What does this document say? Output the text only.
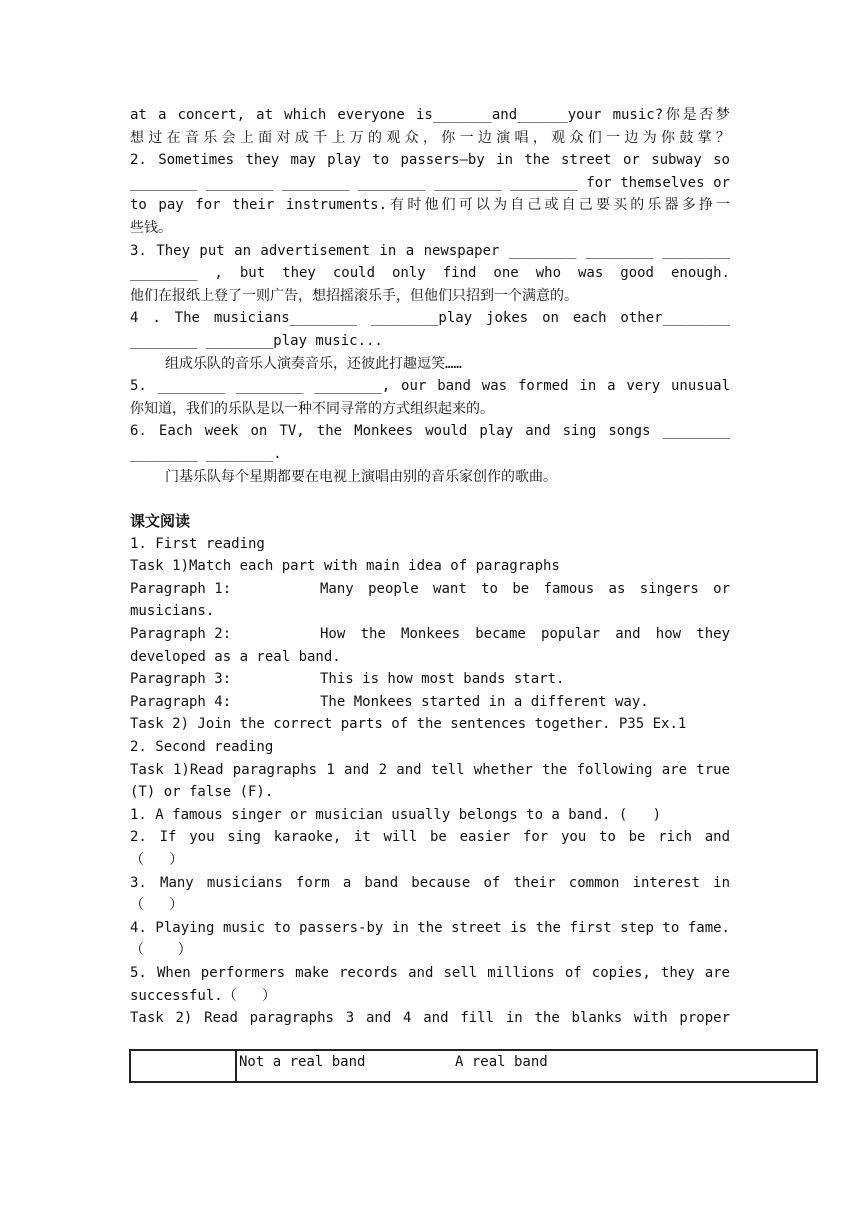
at a concert, at which everyone is_______and______your music?你是否梦
想过在音乐会上面对成千上万的观众，你一边演唱，观众们一边为你鼓掌？
2. Sometimes they may play to passers—by in the street or subway so
________ ________ ________ ________ ________ ________ for themselves or
to pay for their instruments.有时他们可以为自己或自己要买的乐器多挣一
些钱。
3. They put an advertisement in a newspaper ________ ________ ________
________ , but they could only find one who was good enough.
他们在报纸上登了一则广告，想招摇滚乐手，但他们只招到一个满意的。
4 . The musicians________ ________play jokes on each other________
________ ________play music...
组成乐队的音乐人演奏音乐，还彼此打趣逗笑……
5. ________ ________ ________, our band was formed in a very unusual
你知道，我们的乐队是以一种不同寻常的方式组织起来的。
6. Each week on TV, the Monkees would play and sing songs ________
________ ________.
门基乐队每个星期都要在电视上演唱由别的音乐家创作的歌曲。
课文阅读
1. First reading
Task 1)Match each part with main idea of paragraphs
Paragraph 1:	Many people want to be famous as singers or
musicians.
Paragraph 2:	How the Monkees became popular and how they
developed as a real band.
Paragraph 3:	This is how most bands start.
Paragraph 4:	The Monkees started in a different way.
Task 2) Join the correct parts of the sentences together. P35 Ex.1
2. Second reading
Task 1)Read paragraphs 1 and 2 and tell whether the following are true
(T) or false (F).
1. A famous singer or musician usually belongs to a band. (   )
2. If you sing karaoke, it will be easier for you to be rich and
（   ）
3. Many musicians form a band because of their common interest in
（   ）
4. Playing music to passers-by in the street is the first step to fame.
（    ）
5. When performers make records and sell millions of copies, they are
successful.（   ）
Task 2) Read paragraphs 3 and 4 and fill in the blanks with proper
	Not a real band	A real band
